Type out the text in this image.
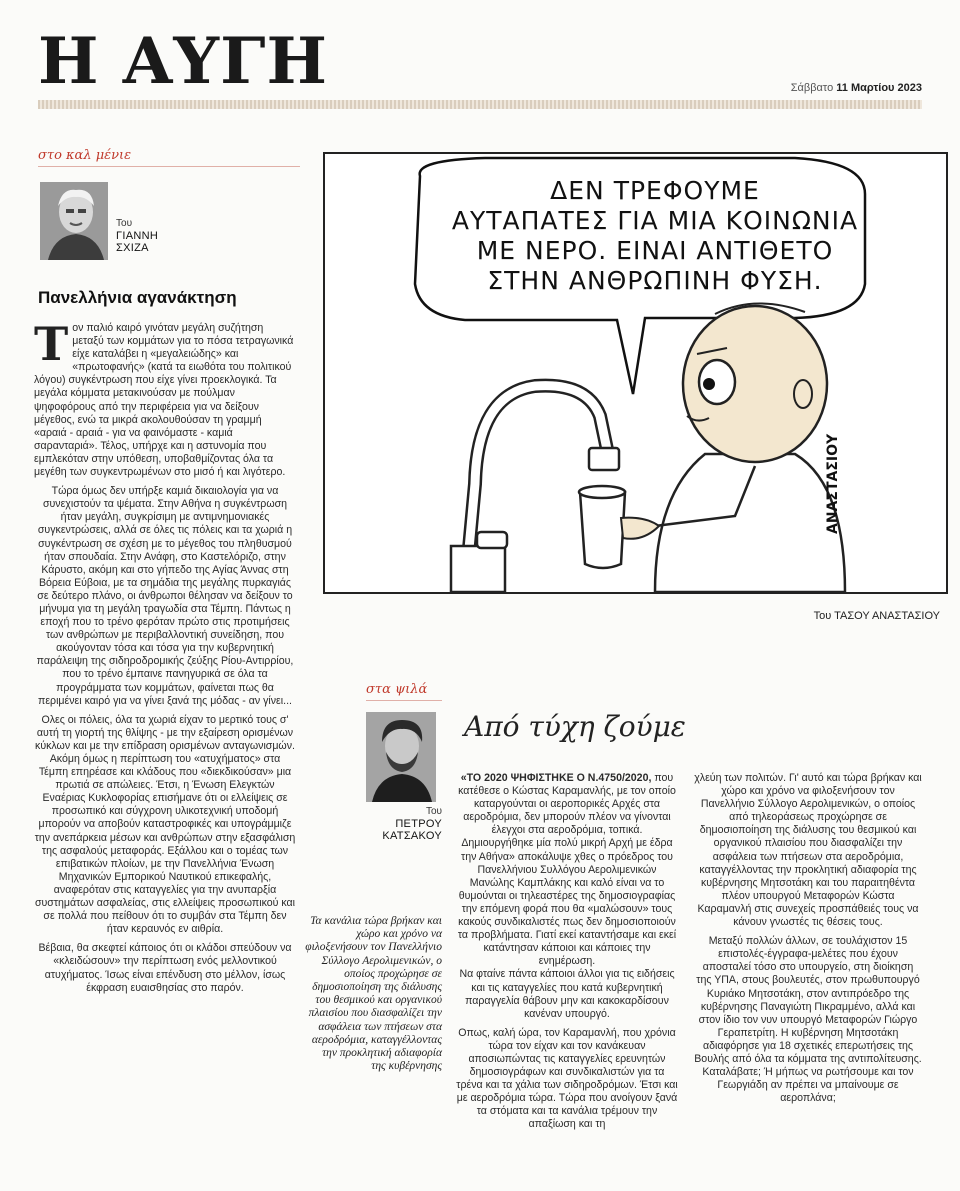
Η ΑΥΓΗ	Σάββατο 11 Μαρτίου 2023
στο καλ μένιε
Του
ΓΙΑΝΝΗ
ΣΧΙΖΑ
Πανελλήνια αγανάκτηση

Τον παλιό καιρό γινόταν μεγάλη συζήτηση μεταξύ των κομμάτων για το πόσα τετραγωνικά είχε καταλάβει η «μεγαλειώδης» και «πρωτοφανής» (κατά τα ειωθότα του πολιτικού λόγου) συγκέντρωση που είχε γίνει προεκλογικά. Τα μεγάλα κόμματα μετακινούσαν με πούλμαν ψηφοφόρους από την περιφέρεια για να δείξουν μέγεθος, ενώ τα μικρά ακολουθούσαν τη γραμμή «αραιά - αραιά - για να φαινόμαστε - καμιά σαρανταριά». Τέλος, υπήρχε και η αστυνομία που εμπλεκόταν στην υπόθεση, υποβαθμίζοντας όλα τα μεγέθη των συγκεντρωμένων στο μισό ή και λιγότερο.

Τώρα όμως δεν υπήρξε καμιά δικαιολογία για να συνεχιστούν τα ψέματα. Στην Αθήνα η συγκέντρωση ήταν μεγάλη, συγκρίσιμη με αντιμνημονιακές συγκεντρώσεις, αλλά σε όλες τις πόλεις και τα χωριά η συγκέντρωση σε σχέση με το μέγεθος του πληθυσμού ήταν σπουδαία. Στην Ανάφη, στο Καστελόριζο, στην Κάρυστο, ακόμη και στο γήπεδο της Αγίας Άννας στη Βόρεια Εύβοια, με τα σημάδια της μεγάλης πυρκαγιάς σε δεύτερο πλάνο, οι άνθρωποι θέλησαν να δείξουν το μήνυμα για τη μεγάλη τραγωδία στα Τέμπη. Πάντως η εποχή που το τρένο φερόταν πρώτο στις προτιμήσεις των ανθρώπων με περιβαλλοντική συνείδηση, που ακούγονταν τόσα και τόσα για την κυβερνητική παράλειψη της σιδηροδρομικής ζεύξης Ρίου-Αντιρρίου, που το τρένο έμπαινε πανηγυρικά σε όλα τα προγράμματα των κομμάτων, φαίνεται πως θα περιμένει καιρό για να γίνει ξανά της μόδας - αν γίνει...

Ολες οι πόλεις, όλα τα χωριά είχαν το μερτικό τους σ' αυτή τη γιορτή της θλίψης - με την εξαίρεση ορισμένων κύκλων και με την επίδραση ορισμένων ανταγωνισμών. Ακόμη όμως η περίπτωση του «ατυχήματος» στα Τέμπη επηρέασε και κλάδους που «διεκδικούσαν» μια πρωτιά σε απώλειες. Έτσι, η Ένωση Ελεγκτών Εναέριας Κυκλοφορίας επισήμανε ότι οι ελλείψεις σε προσωπικό και σύγχρονη υλικοτεχνική υποδομή μπορούν να αποβούν καταστροφικές και υπογράμμιζε την ανεπάρκεια μέσων και ανθρώπων στην εξασφάλιση της ασφαλούς μεταφοράς. Εξάλλου και ο τομέας των επιβατικών πλοίων, με την Πανελλήνια Ένωση Μηχανικών Εμπορικού Ναυτικού επικεφαλής, αναφερόταν στις καταγγελίες για την ανυπαρξία συστημάτων ασφαλείας, στις ελλείψεις προσωπικού και σε πολλά που πείθουν ότι το συμβάν στα Τέμπη δεν ήταν κεραυνός εν αιθρία.

Βέβαια, θα σκεφτεί κάποιος ότι οι κλάδοι σπεύδουν να «κλειδώσουν» την περίπτωση ενός μελλοντικού ατυχήματος. Ίσως είναι επένδυση στο μέλλον, ίσως έκφραση ευαισθησίας στο παρόν.

ΔΕΝ ΤΡΕΦΟΥΜΕ
ΑΥΤΑΠΑΤΕΣ ΓΙΑ ΜΙΑ ΚΟΙΝΩΝΙΑ
ΜΕ ΝΕΡΟ. ΕΙΝΑΙ ΑΝΤΙΘΕΤΟ
ΣΤΗΝ ΑΝΘΡΩΠΙΝΗ ΦΥΣΗ.
ΑΝΑΣΤΑΣΙΟΥ
Του ΤΑΣΟΥ ΑΝΑΣΤΑΣΙΟΥ
στα ψιλά
Του
ΠΕΤΡΟΥ
ΚΑΤΣΑΚΟΥ
Από τύχη ζούμε
Τα κανάλια τώρα βρήκαν και χώρο και χρόνο να φιλοξενήσουν τον Πανελλήνιο Σύλλογο Αερολιμενικών, ο οποίος προχώρησε σε δημοσιοποίηση της διάλυσης του θεσμικού και οργανικού πλαισίου που διασφαλίζει την ασφάλεια των πτήσεων στα αεροδρόμια, καταγγέλλοντας την προκλητική αδιαφορία της κυβέρνησης

«ΤΟ 2020 ΨΗΦΙΣΤΗΚΕ Ο Ν.4750/2020, που κατέθεσε ο Κώστας Καραμανλής, με τον οποίο καταργούνται οι αεροπορικές Αρχές στα αεροδρόμια, δεν μπορούν πλέον να γίνονται έλεγχοι στα αεροδρόμια, τοπικά. Δημιουργήθηκε μία πολύ μικρή Αρχή με έδρα την Αθήνα» αποκάλυψε χθες ο πρόεδρος του Πανελλήνιου Συλλόγου Αερολιμενικών Μανώλης Καμπλάκης και καλό είναι να το θυμούνται οι τηλεαστέρες της δημοσιογραφίας την επόμενη φορά που θα «μαλώσουν» τους κακούς συνδικαλιστές πως δεν δημοσιοποιούν τα προβλήματα. Γιατί εκεί καταντήσαμε και εκεί κατάντησαν κάποιοι και κάποιες την ενημέρωση.

Να φταίνε πάντα κάποιοι άλλοι για τις ειδήσεις και τις καταγγελίες που κατά κυβερνητική παραγγελία θάβουν μην και κακοκαρδίσουν κανέναν υπουργό.

Οπως, καλή ώρα, τον Καραμανλή, που χρόνια τώρα τον είχαν και τον κανάκευαν αποσιωπώντας τις καταγγελίες ερευνητών δημοσιογράφων και συνδικαλιστών για τα τρένα και τα χάλια των σιδηροδρόμων. Έτσι και με αεροδρόμια τώρα. Τώρα που ανοίγουν ξανά τα στόματα και τα κανάλια τρέμουν την απαξίωση και τη

χλεύη των πολιτών. Γι' αυτό και τώρα βρήκαν και χώρο και χρόνο να φιλοξενήσουν τον Πανελλήνιο Σύλλογο Αερολιμενικών, ο οποίος από τηλεοράσεως προχώρησε σε δημοσιοποίηση της διάλυσης του θεσμικού και οργανικού πλαισίου που διασφαλίζει την ασφάλεια των πτήσεων στα αεροδρόμια, καταγγέλλοντας την προκλητική αδιαφορία της κυβέρνησης Μητσοτάκη και του παραιτηθέντα πλέον υπουργού Μεταφορών Κώστα Καραμανλή στις συνεχείς προσπάθειές τους να κάνουν γνωστές τις θέσεις τους.

Μεταξύ πολλών άλλων, σε τουλάχιστον 15 επιστολές-έγγραφα-μελέτες που έχουν αποσταλεί τόσο στο υπουργείο, στη διοίκηση της ΥΠΑ, στους βουλευτές, στον πρωθυπουργό Κυριάκο Μητσοτάκη, στον αντιπρόεδρο της κυβέρνησης Παναγιώτη Πικραμμένο, αλλά και στον ίδιο τον νυν υπουργό Μεταφορών Γιώργο Γεραπετρίτη. Η κυβέρνηση Μητσοτάκη αδιαφόρησε για 18 σχετικές επερωτήσεις της Βουλής από όλα τα κόμματα της αντιπολίτευσης. Καταλάβατε; Ή μήπως να ρωτήσουμε και τον Γεωργιάδη αν πρέπει να μπαίνουμε σε αεροπλάνα;
